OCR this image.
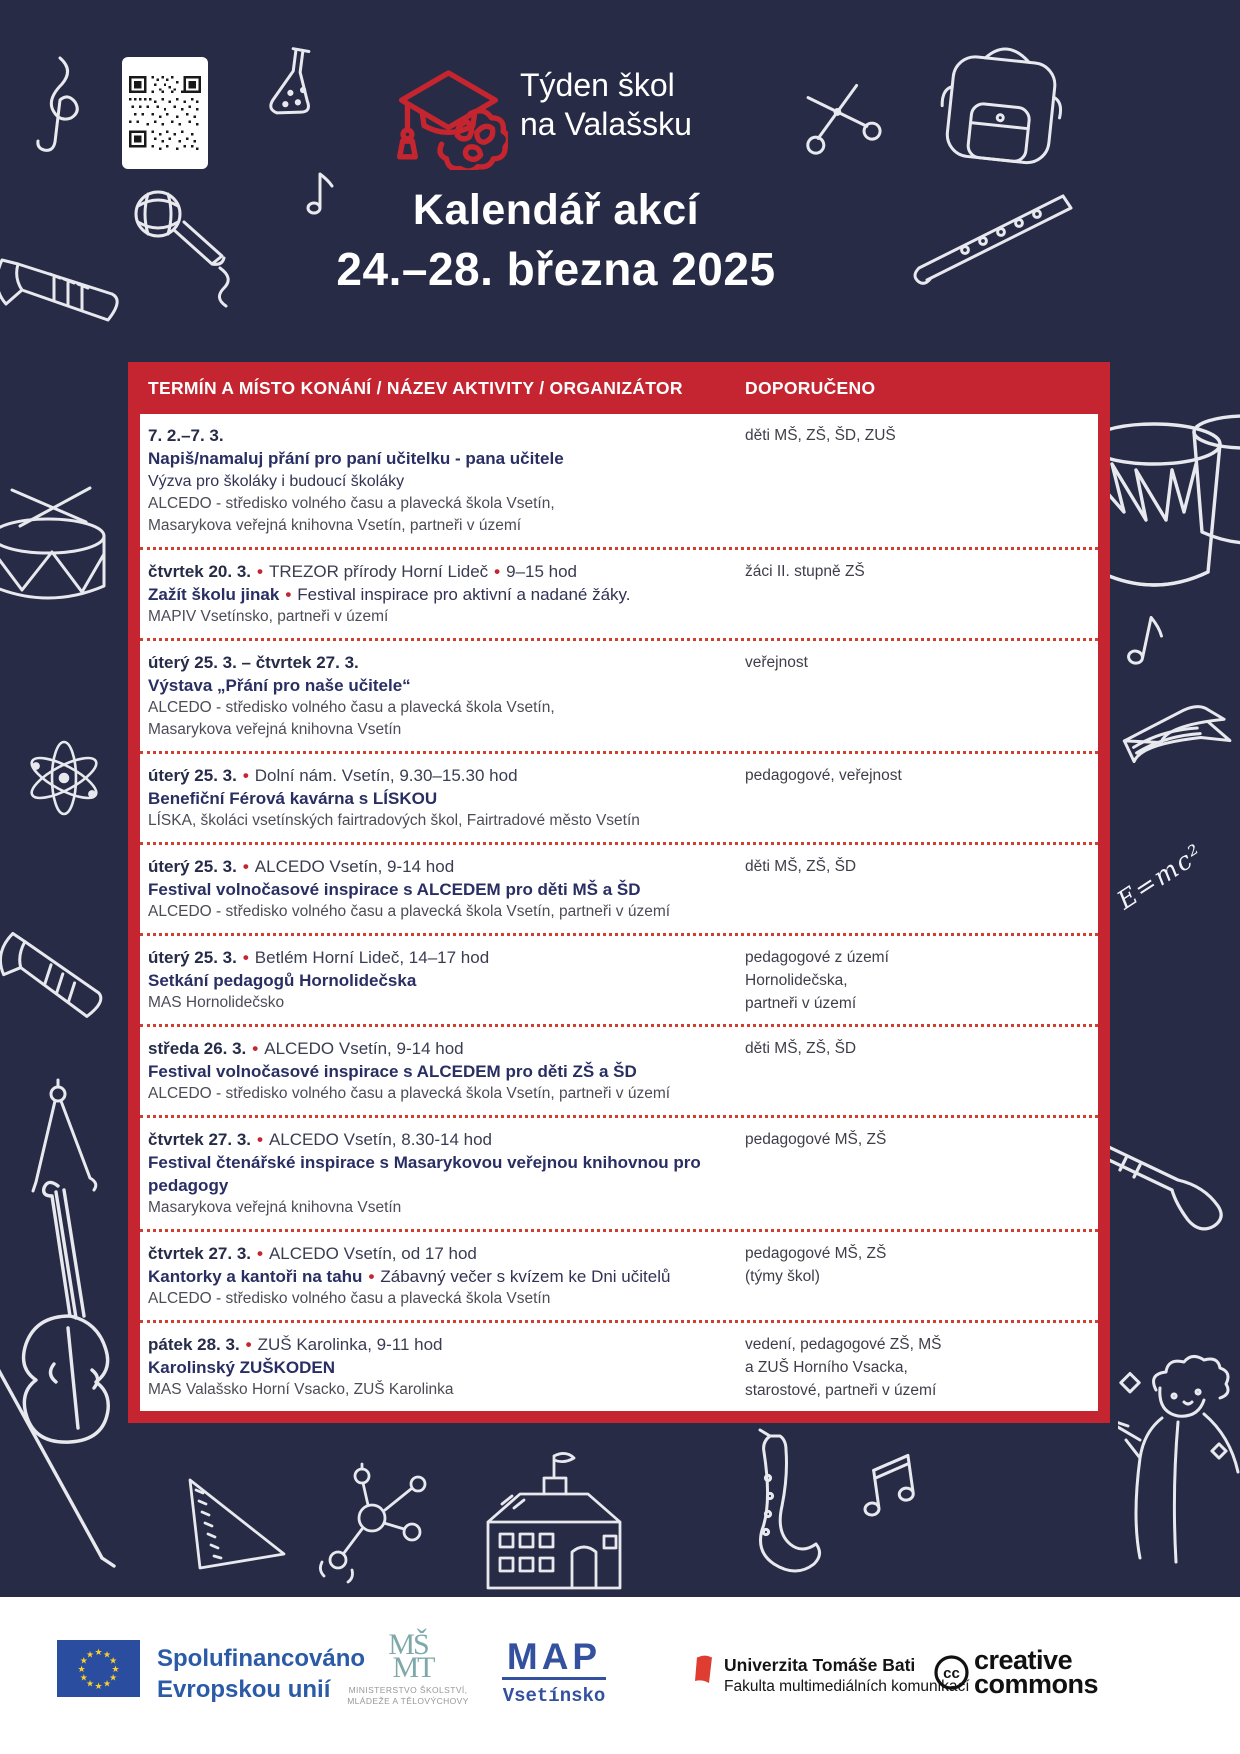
E=mc²
Týden škol
na Valašsku
Kalendář akcí
24.–28. března 2025
TERMÍN A MÍSTO KONÁNÍ / NÁZEV AKTIVITY / ORGANIZÁTOR	DOPORUČENO
7. 2.–7. 3.
Napiš/namaluj přání pro paní učitelku - pana učitele
Výzva pro školáky i budoucí školáky
ALCEDO - středisko volného času a plavecká škola Vsetín,
Masarykova veřejná knihovna Vsetín, partneři v území
děti MŠ, ZŠ, ŠD, ZUŠ
čtvrtek 20. 3. • TREZOR přírody Horní Lideč • 9–15 hod
Zažít školu jinak • Festival inspirace pro aktivní a nadané žáky.
MAPIV Vsetínsko, partneři v území
žáci II. stupně ZŠ
úterý 25. 3. – čtvrtek 27. 3.
Výstava „Přání pro naše učitele“
ALCEDO - středisko volného času a plavecká škola Vsetín,
Masarykova veřejná knihovna Vsetín
veřejnost
úterý 25. 3. • Dolní nám. Vsetín, 9.30–15.30 hod
Benefiční Férová kavárna s LÍSKOU
LÍSKA, školáci vsetínských fairtradových škol, Fairtradové město Vsetín
pedagogové, veřejnost
úterý 25. 3. • ALCEDO Vsetín, 9-14 hod
Festival volnočasové inspirace s ALCEDEM pro děti MŠ a ŠD
ALCEDO - středisko volného času a plavecká škola Vsetín, partneři v území
děti MŠ, ZŠ, ŠD
úterý 25. 3. • Betlém Horní Lideč, 14–17 hod
Setkání pedagogů Hornolidečska
MAS Hornolidečsko
pedagogové z území
Hornolidečska,
partneři v území
středa 26. 3. • ALCEDO Vsetín, 9-14 hod
Festival volnočasové inspirace s ALCEDEM pro děti ZŠ a ŠD
ALCEDO - středisko volného času a plavecká škola Vsetín, partneři v území
děti MŠ, ZŠ, ŠD
čtvrtek 27. 3. • ALCEDO Vsetín, 8.30-14 hod
Festival čtenářské inspirace s Masarykovou veřejnou knihovnou pro pedagogy
Masarykova veřejná knihovna Vsetín
pedagogové MŠ, ZŠ
čtvrtek 27. 3. • ALCEDO Vsetín, od 17 hod
Kantorky a kantoři na tahu • Zábavný večer s kvízem ke Dni učitelů
ALCEDO - středisko volného času a plavecká škola Vsetín
pedagogové MŠ, ZŠ
(týmy škol)
pátek 28. 3. • ZUŠ Karolinka, 9-11 hod
Karolinský ZUŠKODEN
MAS Valašsko Horní Vsacko, ZUŠ Karolinka
vedení, pedagogové ZŠ, MŠ
a ZUŠ Horního Vsacka,
starostové, partneři v území
★ ★
★
★
★
★
★
★
★
★
★
★	Spolufinancováno
Evropskou unií
MŠ
MT
MINISTERSTVO ŠKOLSTVÍ,
MLÁDEŽE A TĚLOVÝCHOVY
MAP
Vsetínsko
Univerzita Tomáše Bati
Fakulta multimediálních komunikací
cc creative
commons
